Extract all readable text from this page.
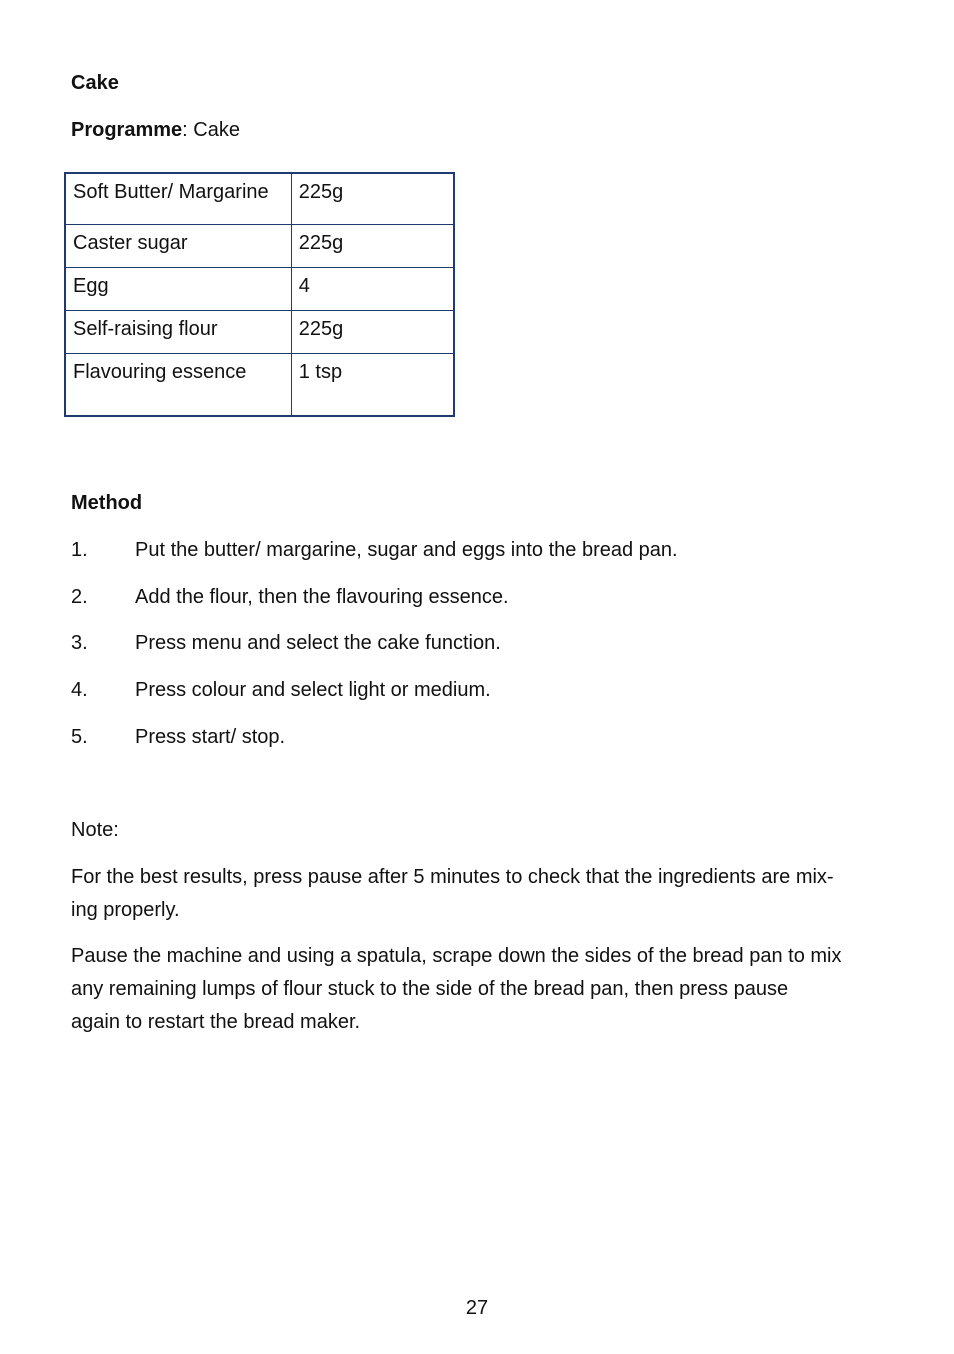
Cake
Programme: Cake
Soft Butter/ Margarine	225g
Caster sugar	225g
Egg	4
Self-raising flour	225g
Flavouring essence	1 tsp
Method
1. Put the butter/ margarine, sugar and eggs into the bread pan.
2. Add the flour, then the flavouring essence.
3. Press menu and select the cake function.
4. Press colour and select light or medium.
5. Press start/ stop.
Note:
For the best results, press pause after 5 minutes to check that the ingredients are mix-
ing properly.
Pause the machine and using a spatula, scrape down the sides of the bread pan to mix
any remaining lumps of flour stuck to the side of the bread pan, then press pause
again to restart the bread maker.
27
